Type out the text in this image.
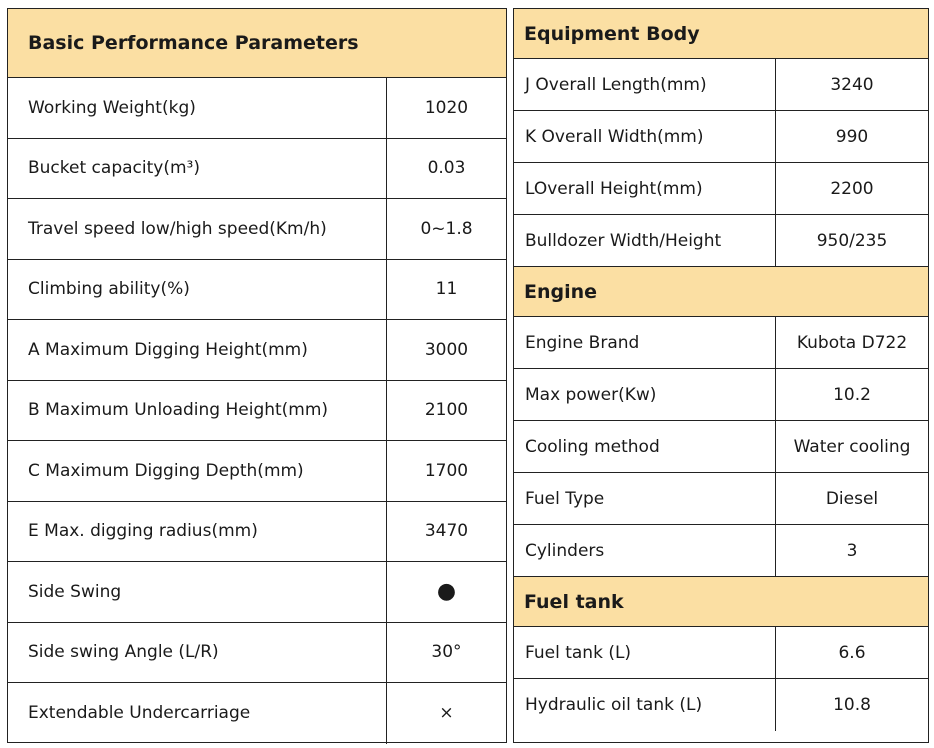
Basic Performance Parameters
Working Weight(kg)	1020
Bucket capacity(m³)	0.03
Travel speed low/high speed(Km/h)	0~1.8
Climbing ability(%)	11
A Maximum Digging Height(mm)	3000
B Maximum Unloading Height(mm)	2100
C Maximum Digging Depth(mm)	1700
E Max. digging radius(mm)	3470
Side Swing	●
Side swing Angle (L/R)	30°
Extendable Undercarriage	×
Equipment Body
J Overall Length(mm)	3240
K Overall Width(mm)	990
LOverall Height(mm)	2200
Bulldozer Width/Height	950/235
Engine
Engine Brand	Kubota D722
Max power(Kw)	10.2
Cooling method	Water cooling
Fuel Type	Diesel
Cylinders	3
Fuel tank
Fuel tank (L)	6.6
Hydraulic oil tank (L)	10.8
